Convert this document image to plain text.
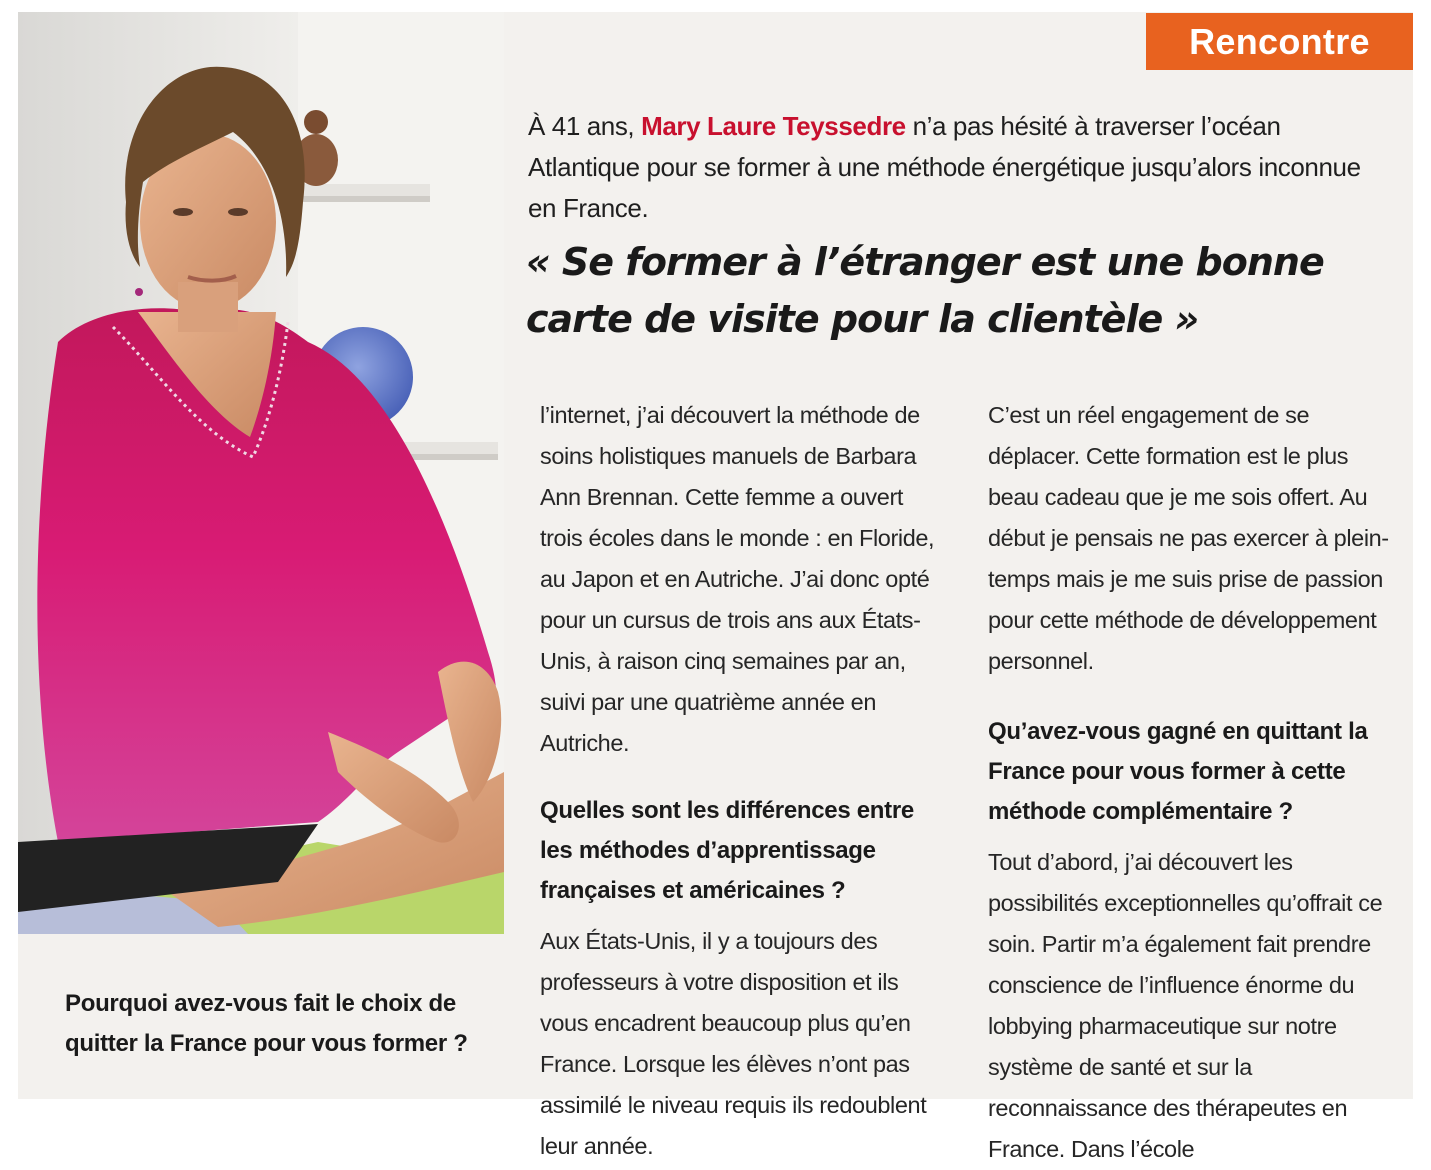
Pourquoi avez-vous fait le choix de quitter la France pour vous former ?
Rencontre
À 41 ans, Mary Laure Teyssedre n’a pas hésité à traverser l’océan Atlantique pour se former à une méthode énergétique jusqu’alors inconnue en France.
« Se former à l’étranger est une bonne carte de visite pour la clientèle »

l’internet, j’ai découvert la méthode de soins holistiques manuels de Barbara Ann Brennan. Cette femme a ouvert trois écoles dans le monde : en Floride, au Japon et en Autriche. J’ai donc opté pour un cursus de trois ans aux États-Unis, à raison cinq semaines par an, suivi par une quatrième année en Autriche.

Quelles sont les différences entre les méthodes d’apprentissage françaises et américaines ?

Aux États-Unis, il y a toujours des professeurs à votre disposition et ils vous encadrent beaucoup plus qu’en France. Lorsque les élèves n’ont pas assimilé le niveau requis ils redoublent leur année.

C’est un réel engagement de se déplacer. Cette formation est le plus beau cadeau que je me sois offert. Au début je pensais ne pas exercer à plein-temps mais je me suis prise de passion pour cette méthode de développement personnel.

Qu’avez-vous gagné en quittant la France pour vous former à cette méthode complémentaire ?

Tout d’abord, j’ai découvert les possibilités exceptionnelles qu’offrait ce soin. Partir m’a également fait prendre conscience de l’influence énorme du lobbying pharmaceutique sur notre système de santé et sur la reconnaissance des thérapeutes en France. Dans l’école
